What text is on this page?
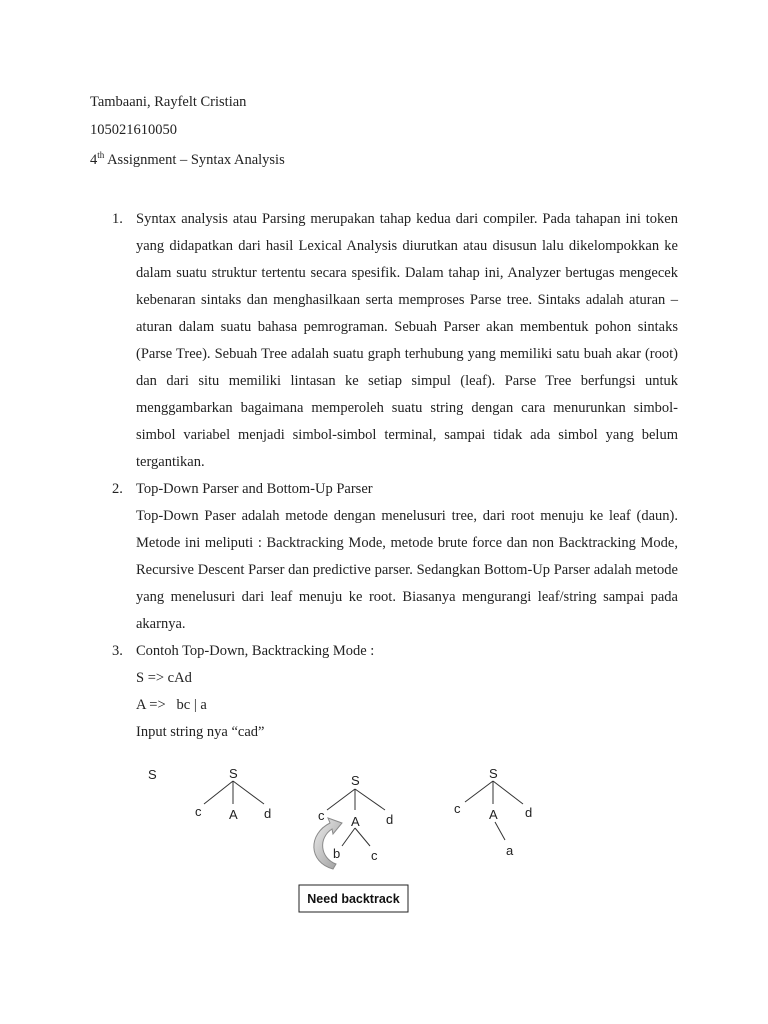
Tambaani, Rayfelt Cristian
105021610050
4th Assignment – Syntax Analysis
1. Syntax analysis atau Parsing merupakan tahap kedua dari compiler. Pada tahapan ini token yang didapatkan dari hasil Lexical Analysis diurutkan atau disusun lalu dikelompokkan ke dalam suatu struktur tertentu secara spesifik. Dalam tahap ini, Analyzer bertugas mengecek kebenaran sintaks dan menghasilkaan serta memproses Parse tree. Sintaks adalah aturan – aturan dalam suatu bahasa pemrograman. Sebuah Parser akan membentuk pohon sintaks (Parse Tree). Sebuah Tree adalah suatu graph terhubung yang memiliki satu buah akar (root) dan dari situ memiliki lintasan ke setiap simpul (leaf). Parse Tree berfungsi untuk menggambarkan bagaimana memperoleh suatu string dengan cara menurunkan simbol-simbol variabel menjadi simbol-simbol terminal, sampai tidak ada simbol yang belum tergantikan.
2. Top-Down Parser and Bottom-Up Parser
Top-Down Paser adalah metode dengan menelusuri tree, dari root menuju ke leaf (daun). Metode ini meliputi : Backtracking Mode, metode brute force dan non Backtracking Mode, Recursive Descent Parser dan predictive parser. Sedangkan Bottom-Up Parser adalah metode yang menelusuri dari leaf menuju ke root. Biasanya mengurangi leaf/string sampai pada akarnya.
3. Contoh Top-Down, Backtracking Mode :
S => cAd
A =>   bc | a
Input string nya “cad”
S	S
c A d
S
c A d
b c
S
c A d
a
Need backtrack
